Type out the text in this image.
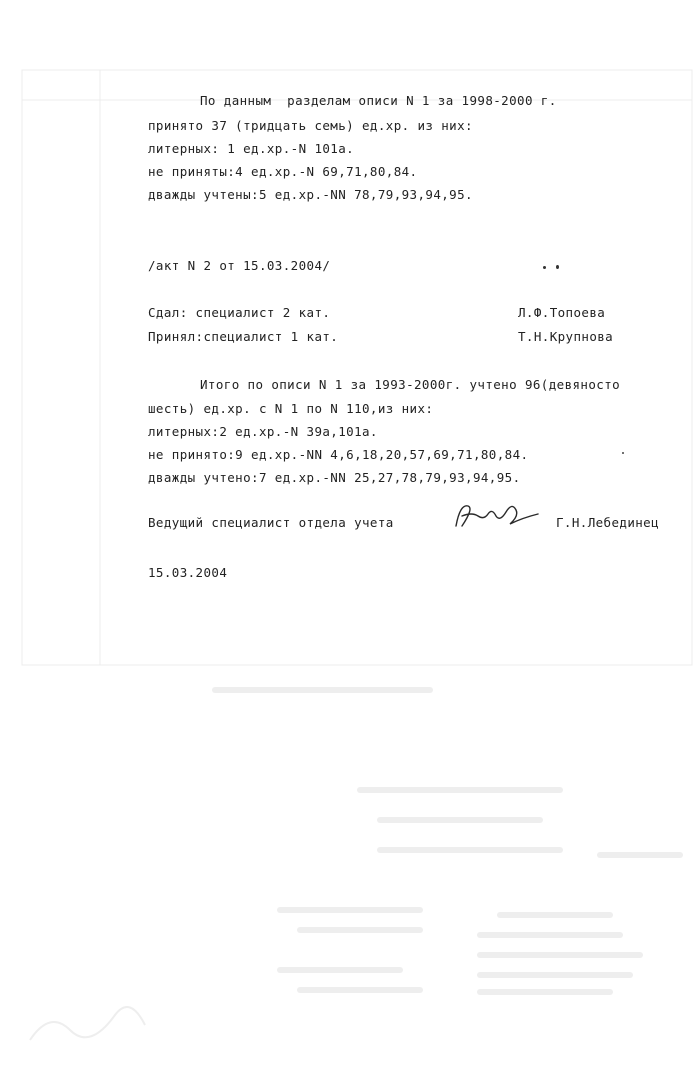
По данным  разделам описи N 1 за 1998-2000 г.
принято 37 (тридцать семь) ед.хр. из них:
литерных: 1 ед.хр.-N 101а.
не приняты:4 ед.хр.-N 69,71,80,84.
дважды учтены:5 ед.хр.-NN 78,79,93,94,95.
/акт N 2 от 15.03.2004/
Сдал: специалист 2 кат.	Л.Ф.Топоева
Принял:специалист 1 кат.	Т.Н.Крупнова
Итого по описи N 1 за 1993-2000г. учтено 96(девяносто
шесть) ед.хр. с N 1 по N 110,из них:
литерных:2 ед.хр.-N 39а,101а.
не принято:9 ед.хр.-NN 4,6,18,20,57,69,71,80,84.
дважды учтено:7 ед.хр.-NN 25,27,78,79,93,94,95.
Ведущий специалист отдела учета	Г.Н.Лебединец
15.03.2004
